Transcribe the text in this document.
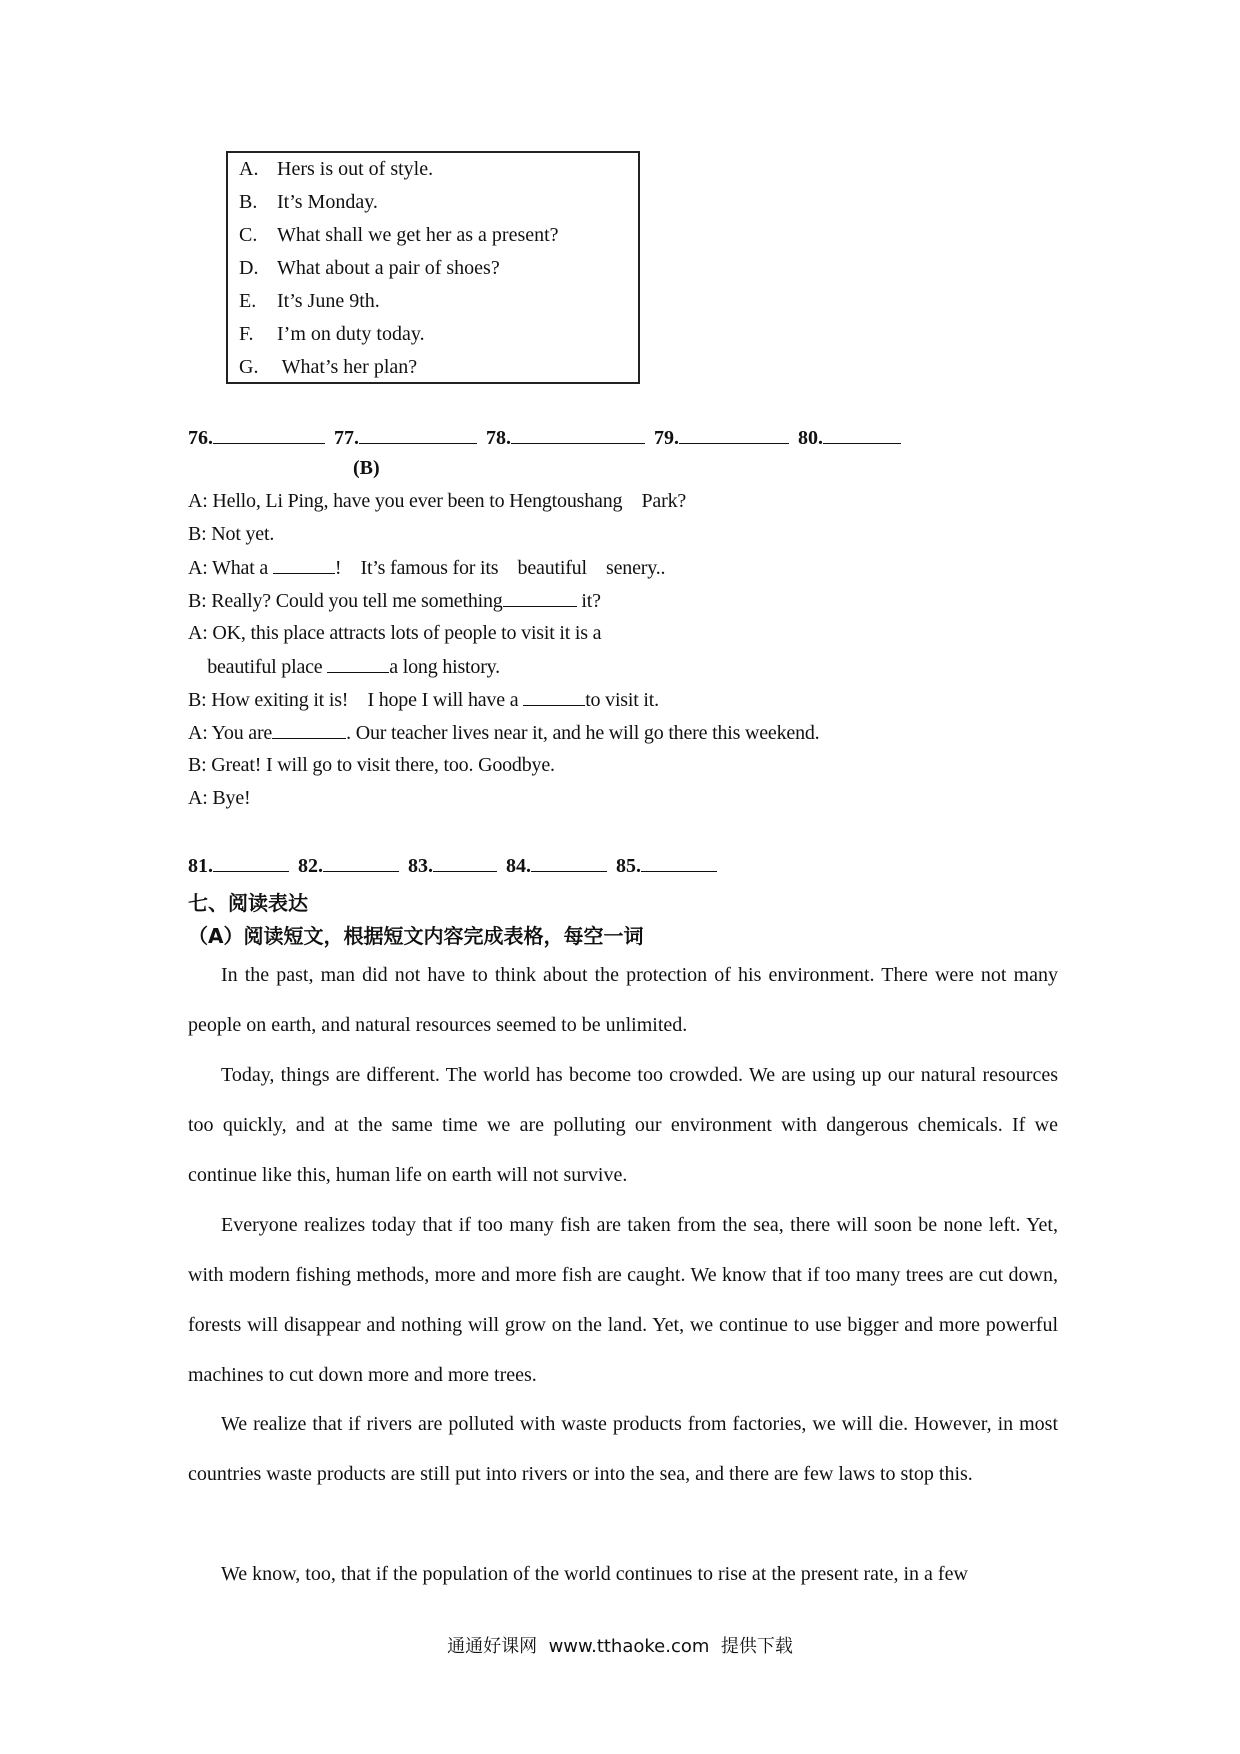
A. Hers is out of style.
B. It’s Monday.
C. What shall we get her as a present?
D. What about a pair of shoes?
E. It’s June 9th.
F. I’m on duty today.
G. What’s her plan?
76.	77.	78.	79.	80.
(B)
A: Hello, Li Ping, have you ever been to Hengtoushang    Park?
B: Not yet.
A: What a	!    It’s famous for its    beautiful    senery..
B: Really? Could you tell me something	it?
A: OK, this place attracts lots of people to visit it is a
beautiful place	a long history.
B: How exiting it is!    I hope I will have a	to visit it.
A: You are	. Our teacher lives near it, and he will go there this weekend.
B: Great! I will go to visit there, too. Goodbye.
A: Bye!
81.	82.	83.	84.	85.
七、阅读表达
（A）阅读短文，根据短文内容完成表格，每空一词

In the past, man did not have to think about the protection of his environment. There were not many people on earth, and natural resources seemed to be unlimited.

Today, things are different. The world has become too crowded. We are using up our natural resources too quickly, and at the same time we are polluting our environment with dangerous chemicals. If we continue like this, human life on earth will not survive.

Everyone realizes today that if too many fish are taken from the sea, there will soon be none left. Yet, with modern fishing methods, more and more fish are caught. We know that if too many trees are cut down, forests will disappear and nothing will grow on the land. Yet, we continue to use bigger and more powerful machines to cut down more and more trees.

We realize that if rivers are polluted with waste products from factories, we will die. However, in most countries waste products are still put into rivers or into the sea, and there are few laws to stop this.

We know, too, that if the population of the world continues to rise at the present rate, in a few

通通好课网  www.tthaoke.com  提供下载
